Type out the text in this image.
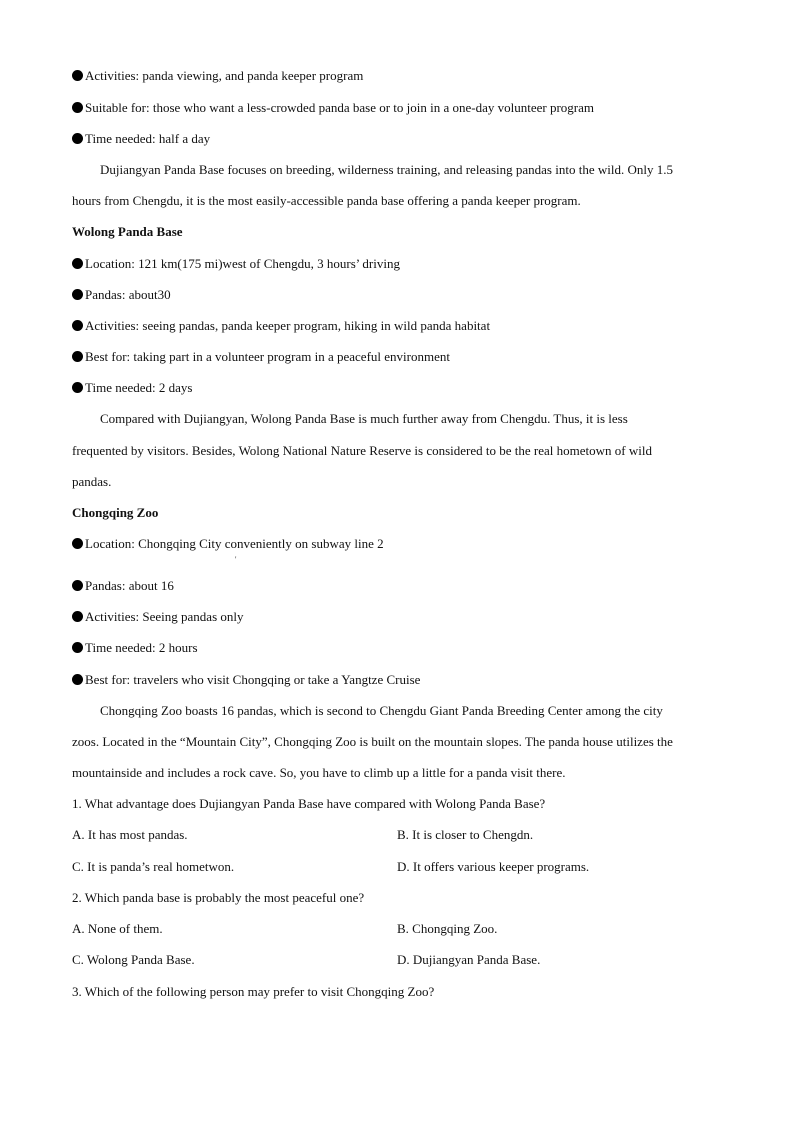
Activities: panda viewing, and panda keeper program
Suitable for: those who want a less-crowded panda base or to join in a one-day volunteer program
Time needed: half a day
Dujiangyan Panda Base focuses on breeding, wilderness training, and releasing pandas into the wild. Only 1.5
hours from Chengdu, it is the most easily-accessible panda base offering a panda keeper program.
Wolong Panda Base
Location: 121 km(175 mi)west of Chengdu, 3 hours’ driving
Pandas: about30
Activities: seeing pandas, panda keeper program, hiking in wild panda habitat
Best for: taking part in a volunteer program in a peaceful environment
Time needed: 2 days
Compared with Dujiangyan, Wolong Panda Base is much further away from Chengdu. Thus, it is less
frequented by visitors. Besides, Wolong National Nature Reserve is considered to be the real hometown of wild
pandas.
Chongqing Zoo
Location: Chongqing City conveniently on subway line 2
'
Pandas: about 16
Activities: Seeing pandas only
Time needed: 2 hours
Best for: travelers who visit Chongqing or take a Yangtze Cruise
Chongqing Zoo boasts 16 pandas, which is second to Chengdu Giant Panda Breeding Center among the city
zoos. Located in the “Mountain City”, Chongqing Zoo is built on the mountain slopes. The panda house utilizes the
mountainside and includes a rock cave. So, you have to climb up a little for a panda visit there.
1. What advantage does Dujiangyan Panda Base have compared with Wolong Panda Base?
A. It has most pandas.	B. It is closer to Chengdn.
C. It is panda’s real hometwon.	D. It offers various keeper programs.
2. Which panda base is probably the most peaceful one?
A. None of them.	B. Chongqing Zoo.
C. Wolong Panda Base.	D. Dujiangyan Panda Base.
3. Which of the following person may prefer to visit Chongqing Zoo?
